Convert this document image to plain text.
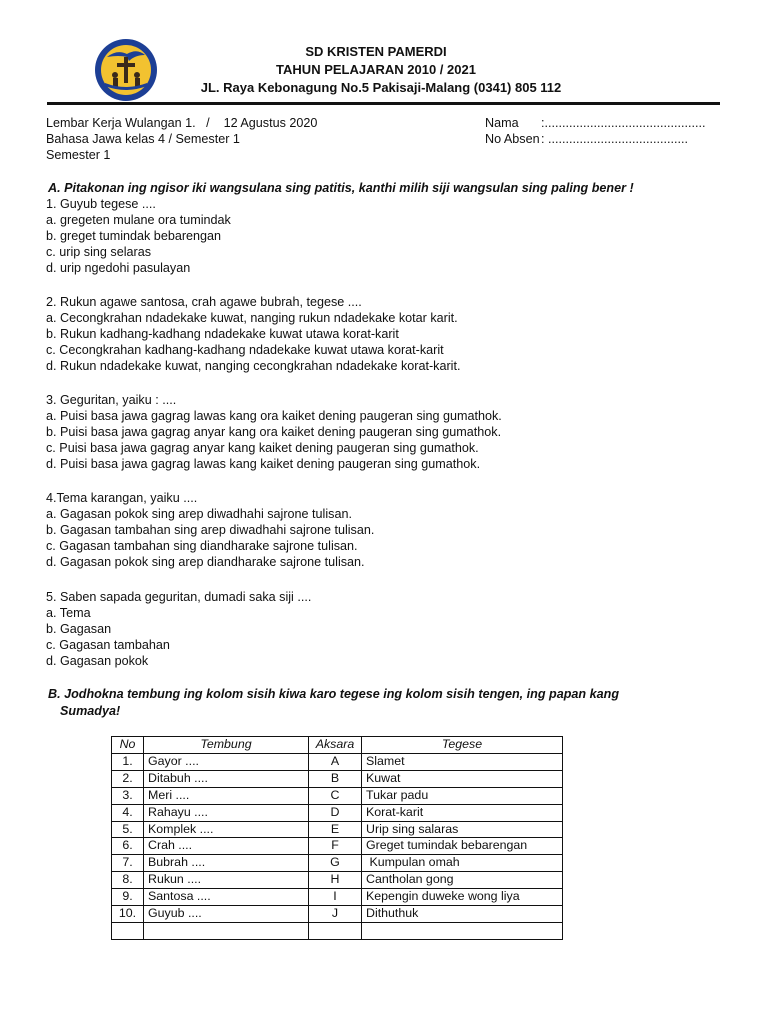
SD KRISTEN PAMERDI
TAHUN PELAJARAN 2010 / 2021
JL. Raya Kebonagung No.5 Pakisaji-Malang (0341) 805 112
Lembar Kerja Wulangan 1.   /    12 Agustus 2020
Bahasa Jawa kelas 4 / Semester 1
Semester 1
Nama :..............................................
No Absen: ........................................
A. Pitakonan ing ngisor iki wangsulana sing patitis, kanthi milih siji wangsulan sing paling bener !
1. Guyub tegese ....
a. gregeten mulane ora tumindak
b. greget tumindak bebarengan
c. urip sing selaras
d. urip ngedohi pasulayan
2. Rukun agawe santosa, crah agawe bubrah, tegese ....
a. Cecongkrahan ndadekake kuwat, nanging rukun ndadekake kotar karit.
b. Rukun kadhang-kadhang ndadekake kuwat utawa korat-karit
c. Cecongkrahan kadhang-kadhang ndadekake kuwat utawa korat-karit
d. Rukun ndadekake kuwat, nanging cecongkrahan ndadekake korat-karit.
3. Geguritan, yaiku : ....
a. Puisi basa jawa gagrag lawas kang ora kaiket dening paugeran sing gumathok.
b. Puisi basa jawa gagrag anyar kang ora kaiket dening paugeran sing gumathok.
c. Puisi basa jawa gagrag anyar kang kaiket dening paugeran sing gumathok.
d. Puisi basa jawa gagrag lawas kang kaiket dening paugeran sing gumathok.
4.Tema karangan, yaiku ....
a. Gagasan pokok sing arep diwadhahi sajrone tulisan.
b. Gagasan tambahan sing arep diwadhahi sajrone tulisan.
c. Gagasan tambahan sing diandharake sajrone tulisan.
d. Gagasan pokok sing arep diandharake sajrone tulisan.
5. Saben sapada geguritan, dumadi saka siji ....
a. Tema
b. Gagasan
c. Gagasan tambahan
d. Gagasan pokok
B. Jodhokna tembung ing kolom sisih kiwa karo tegese ing kolom sisih tengen, ing papan kang
Sumadya!
No	Tembung	Aksara	Tegese
1.	Gayor ....	A	Slamet
2.	Ditabuh ....	B	Kuwat
3.	Meri ....	C	Tukar padu
4.	Rahayu ....	D	Korat-karit
5.	Komplek ....	E	Urip sing salaras
6.	Crah ....	F	Greget tumindak bebarengan
7.	Bubrah ....	G	Kumpulan omah
8.	Rukun ....	H	Cantholan gong
9.	Santosa ....	I	Kepengin duweke wong liya
10.	Guyub ....	J	Dithuthuk
